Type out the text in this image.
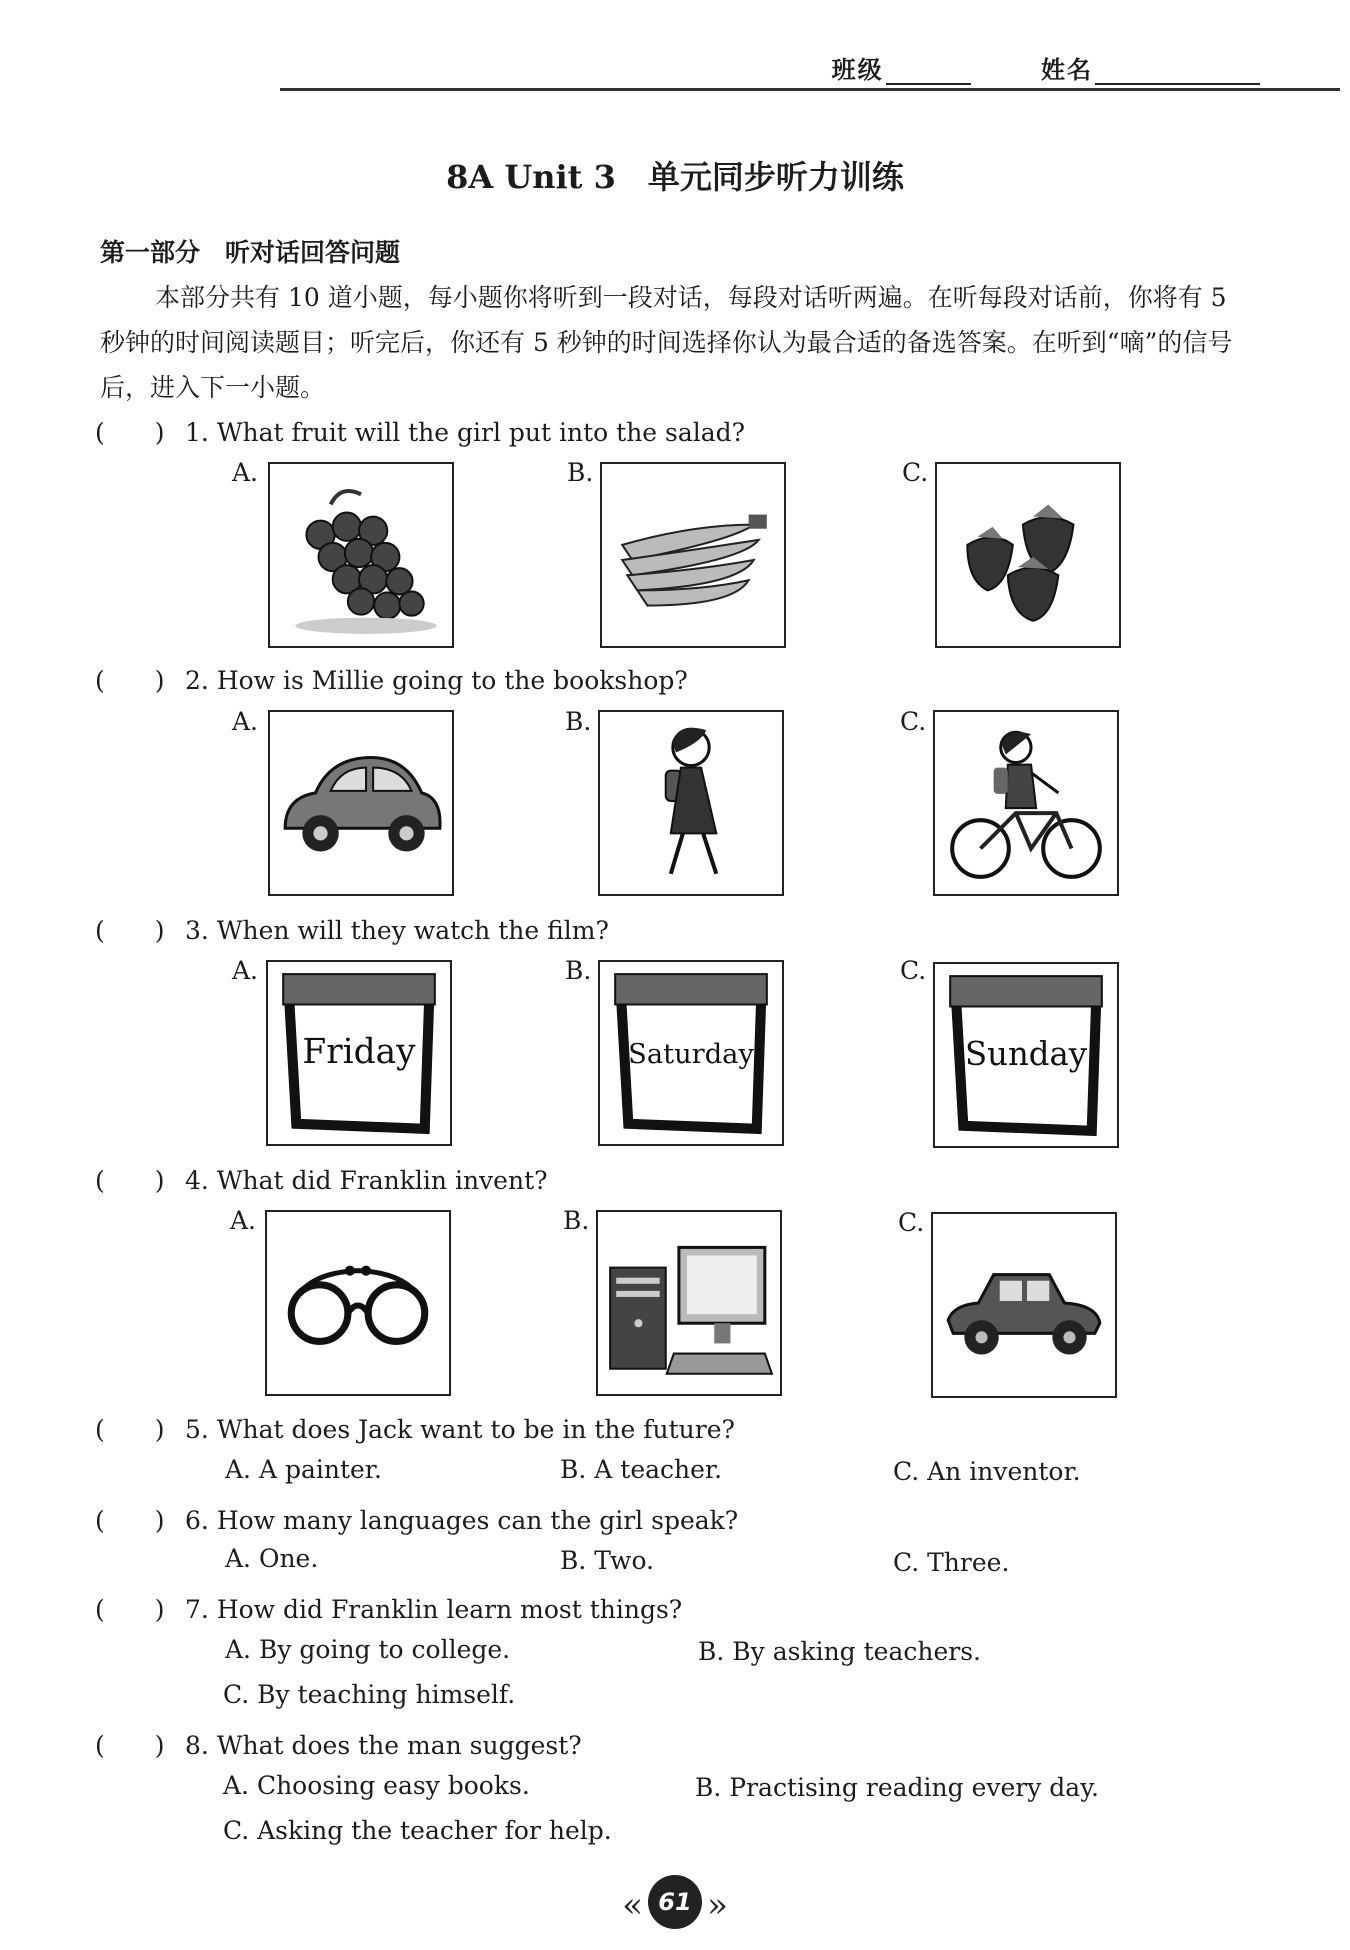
班级	姓名
8A Unit 3　单元同步听力训练
第一部分　听对话回答问题
本部分共有 10 道小题，每小题你将听到一段对话，每段对话听两遍。在听每段对话前，你将有 5 秒钟的时间阅读题目；听完后，你还有 5 秒钟的时间选择你认为最合适的备选答案。在听到“嘀”的信号后，进入下一小题。
(　　) 1. What fruit will the girl put into the salad?
A.	B.	C.
(　　) 2. How is Millie going to the bookshop?
A.	B.	C.
(　　) 3. When will they watch the film?
A.	B.	C.
Friday	Saturday	Sunday
(　　) 4. What did Franklin invent?
A.	B.	C.
(　　) 5. What does Jack want to be in the future?
A. A painter.	B. A teacher.	C. An inventor.
(　　) 6. How many languages can the girl speak?
A. One.	B. Two.	C. Three.
(　　) 7. How did Franklin learn most things?
A. By going to college.	B. By asking teachers.
C. By teaching himself.
(　　) 8. What does the man suggest?
A. Choosing easy books.	B. Practising reading every day.
C. Asking the teacher for help.
« 61 »
